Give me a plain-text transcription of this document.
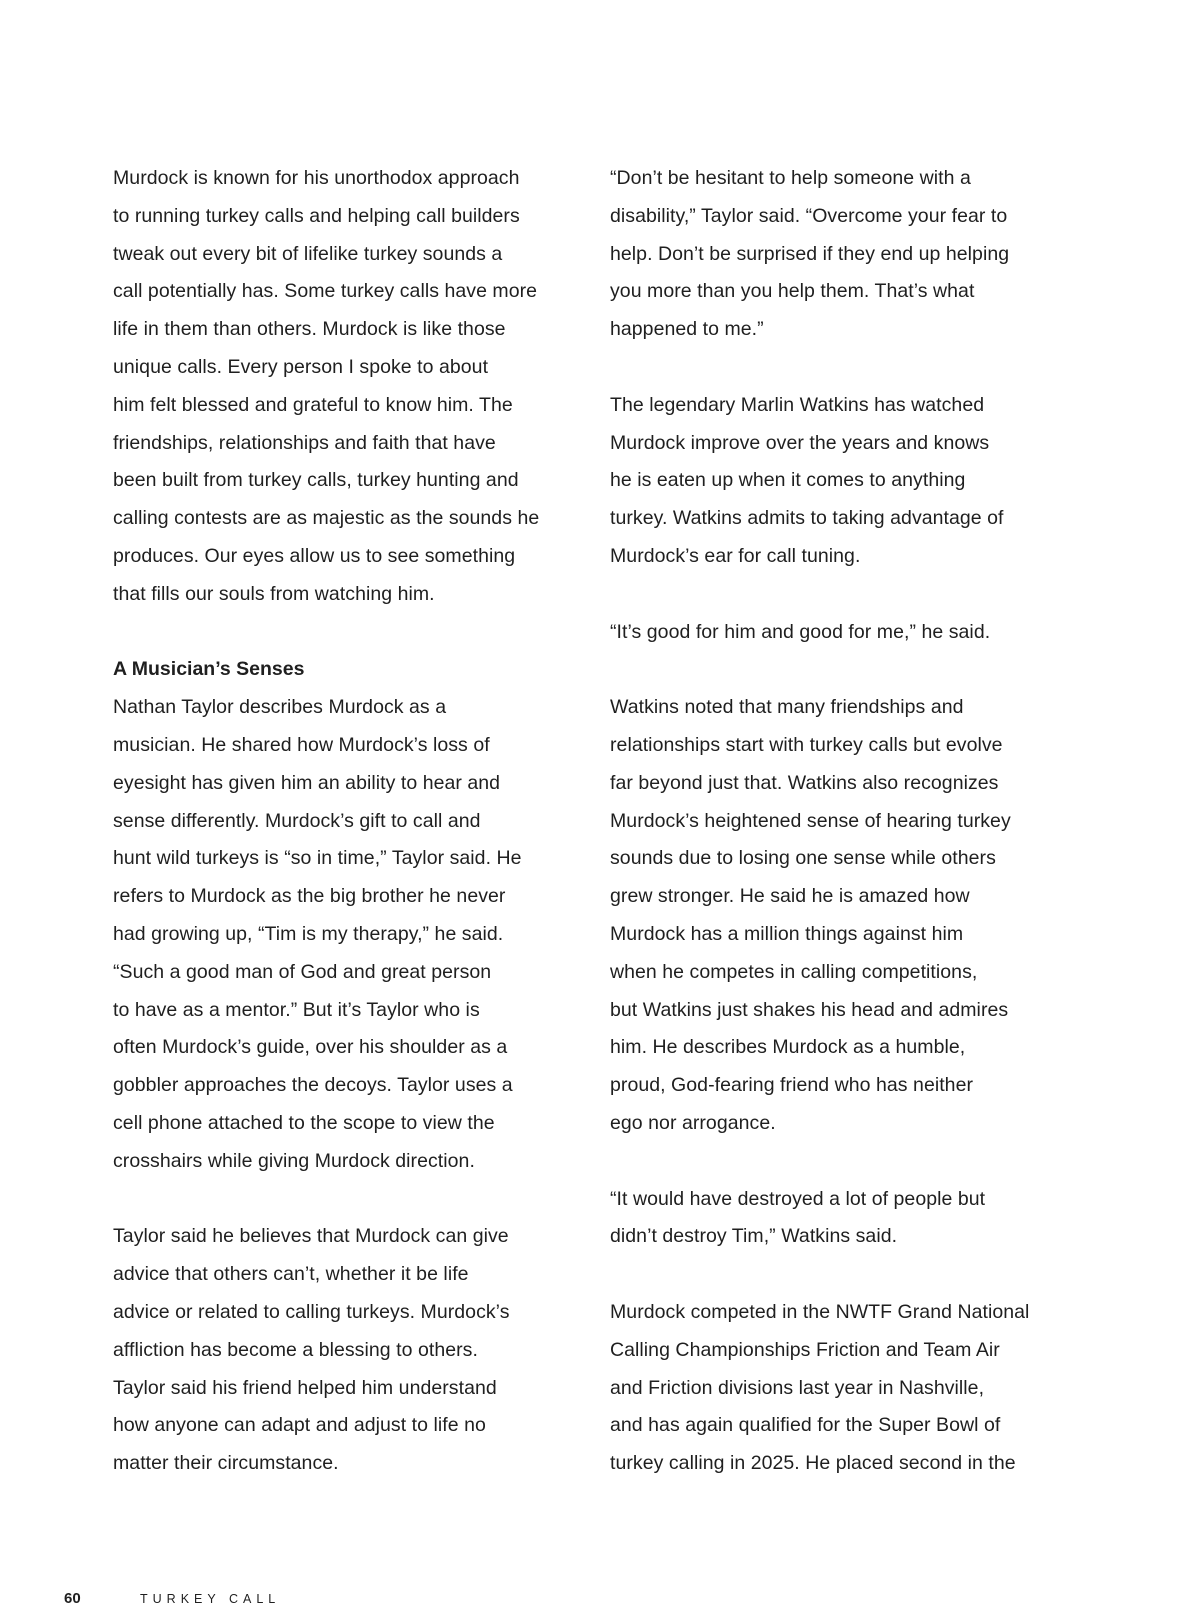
Murdock is known for his unorthodox approach
to running turkey calls and helping call builders
tweak out every bit of lifelike turkey sounds a
call potentially has. Some turkey calls have more
life in them than others. Murdock is like those
unique calls. Every person I spoke to about
him felt blessed and grateful to know him. The
friendships, relationships and faith that have
been built from turkey calls, turkey hunting and
calling contests are as majestic as the sounds he
produces. Our eyes allow us to see something
that fills our souls from watching him.

A Musician’s Senses

Nathan Taylor describes Murdock as a
musician. He shared how Murdock’s loss of
eyesight has given him an ability to hear and
sense differently. Murdock’s gift to call and
hunt wild turkeys is “so in time,” Taylor said. He
refers to Murdock as the big brother he never
had growing up, “Tim is my therapy,” he said.
“Such a good man of God and great person
to have as a mentor.” But it’s Taylor who is
often Murdock’s guide, over his shoulder as a
gobbler approaches the decoys. Taylor uses a
cell phone attached to the scope to view the
crosshairs while giving Murdock direction.

Taylor said he believes that Murdock can give
advice that others can’t, whether it be life
advice or related to calling turkeys. Murdock’s
affliction has become a blessing to others.
Taylor said his friend helped him understand
how anyone can adapt and adjust to life no
matter their circumstance.

“Don’t be hesitant to help someone with a
disability,” Taylor said. “Overcome your fear to
help. Don’t be surprised if they end up helping
you more than you help them. That’s what
happened to me.”

The legendary Marlin Watkins has watched
Murdock improve over the years and knows
he is eaten up when it comes to anything
turkey. Watkins admits to taking advantage of
Murdock’s ear for call tuning.

“It’s good for him and good for me,” he said.

Watkins noted that many friendships and
relationships start with turkey calls but evolve
far beyond just that. Watkins also recognizes
Murdock’s heightened sense of hearing turkey
sounds due to losing one sense while others
grew stronger. He said he is amazed how
Murdock has a million things against him
when he competes in calling competitions,
but Watkins just shakes his head and admires
him. He describes Murdock as a humble,
proud, God-fearing friend who has neither
ego nor arrogance.

“It would have destroyed a lot of people but
didn’t destroy Tim,” Watkins said.

Murdock competed in the NWTF Grand National
Calling Championships Friction and Team Air
and Friction divisions last year in Nashville,
and has again qualified for the Super Bowl of
turkey calling in 2025. He placed second in the

60	TURKEY CALL
